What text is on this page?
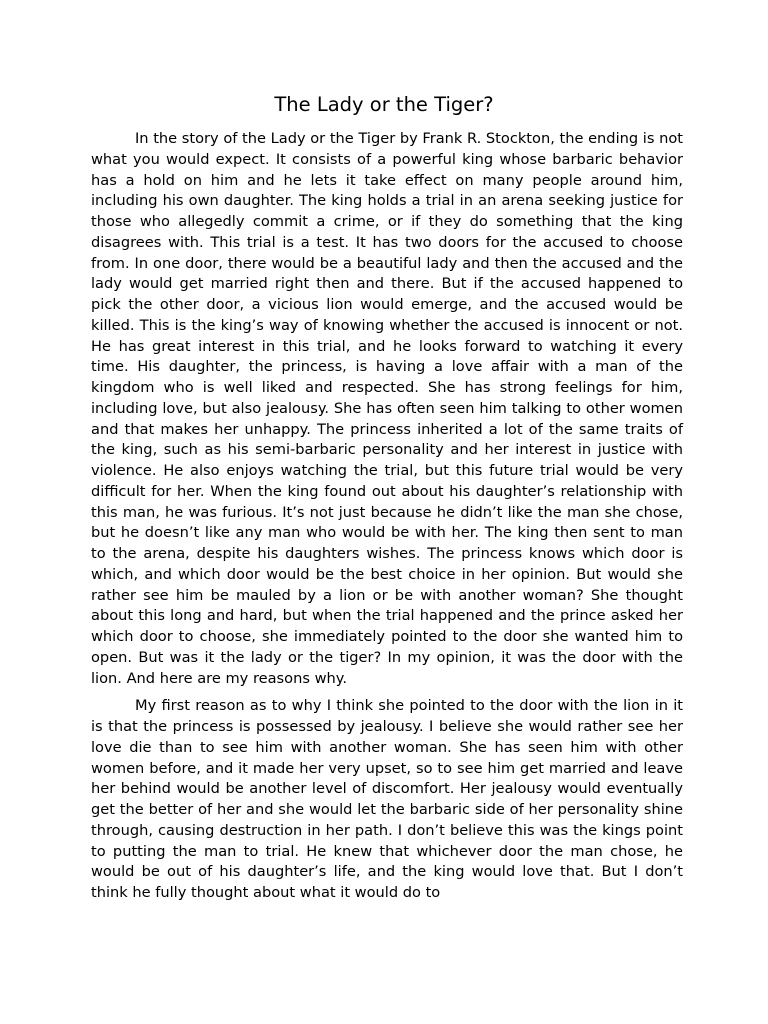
The Lady or the Tiger?

In the story of the Lady or the Tiger by Frank R. Stockton, the ending is not what you would expect. It consists of a powerful king whose barbaric behavior has a hold on him and he lets it take effect on many people around him, including his own daughter. The king holds a trial in an arena seeking justice for those who allegedly commit a crime, or if they do something that the king disagrees with. This trial is a test. It has two doors for the accused to choose from. In one door, there would be a beautiful lady and then the accused and the lady would get married right then and there. But if the accused happened to pick the other door, a vicious lion would emerge, and the accused would be killed. This is the king’s way of knowing whether the accused is innocent or not. He has great interest in this trial, and he looks forward to watching it every time. His daughter, the princess, is having a love affair with a man of the kingdom who is well liked and respected. She has strong feelings for him, including love, but also jealousy. She has often seen him talking to other women and that makes her unhappy. The princess inherited a lot of the same traits of the king, such as his semi-barbaric personality and her interest in justice with violence. He also enjoys watching the trial, but this future trial would be very difficult for her. When the king found out about his daughter’s relationship with this man, he was furious. It’s not just because he didn’t like the man she chose, but he doesn’t like any man who would be with her. The king then sent to man to the arena, despite his daughters wishes. The princess knows which door is which, and which door would be the best choice in her opinion. But would she rather see him be mauled by a lion or be with another woman? She thought about this long and hard, but when the trial happened and the prince asked her which door to choose, she immediately pointed to the door she wanted him to open. But was it the lady or the tiger? In my opinion, it was the door with the lion. And here are my reasons why.

My first reason as to why I think she pointed to the door with the lion in it is that the princess is possessed by jealousy. I believe she would rather see her love die than to see him with another woman. She has seen him with other women before, and it made her very upset, so to see him get married and leave her behind would be another level of discomfort. Her jealousy would eventually get the better of her and she would let the barbaric side of her personality shine through, causing destruction in her path. I don’t believe this was the kings point to putting the man to trial. He knew that whichever door the man chose, he would be out of his daughter’s life, and the king would love that. But I don’t think he fully thought about what it would do to
